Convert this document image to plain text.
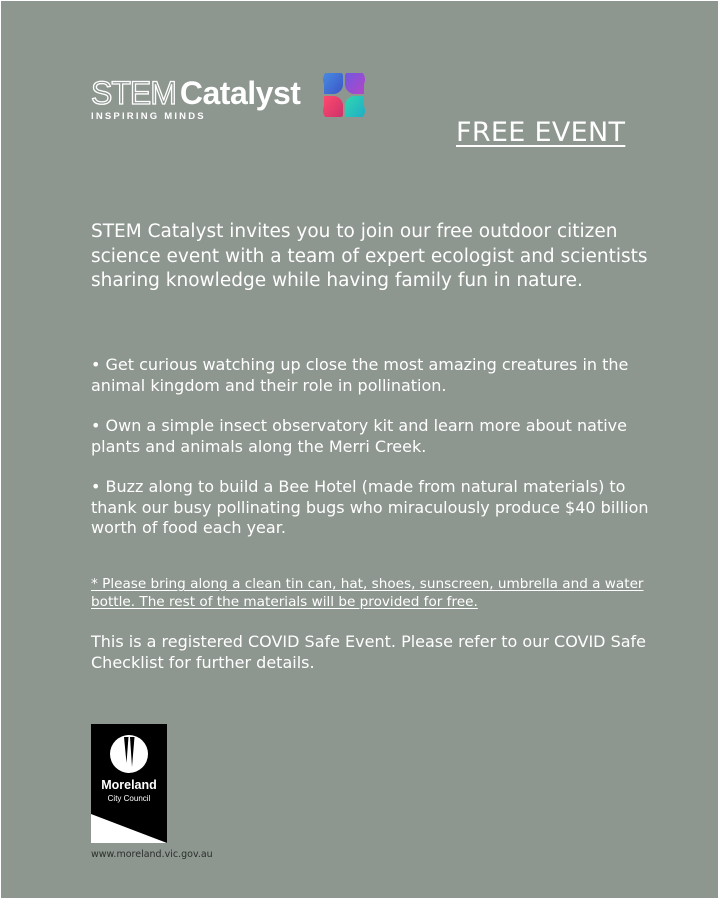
STEM Catalyst
INSPIRING MINDS
FREE EVENT

STEM Catalyst invites you to join our free outdoor citizen science event with a team of expert ecologist and scientists sharing knowledge while having family fun in nature.

• Get curious watching up close the most amazing creatures in the animal kingdom and their role in pollination.
• Own a simple insect observatory kit and learn more about native plants and animals along the Merri Creek.
• Buzz along to build a Bee Hotel (made from natural materials) to thank our busy pollinating bugs who miraculously produce $40 billion worth of food each year.

* Please bring along a clean tin can, hat, shoes, sunscreen, umbrella and a water bottle. The rest of the materials will be provided for free.

This is a registered COVID Safe Event. Please refer to our COVID Safe Checklist for further details.

Moreland
City Council
www.moreland.vic.gov.au
